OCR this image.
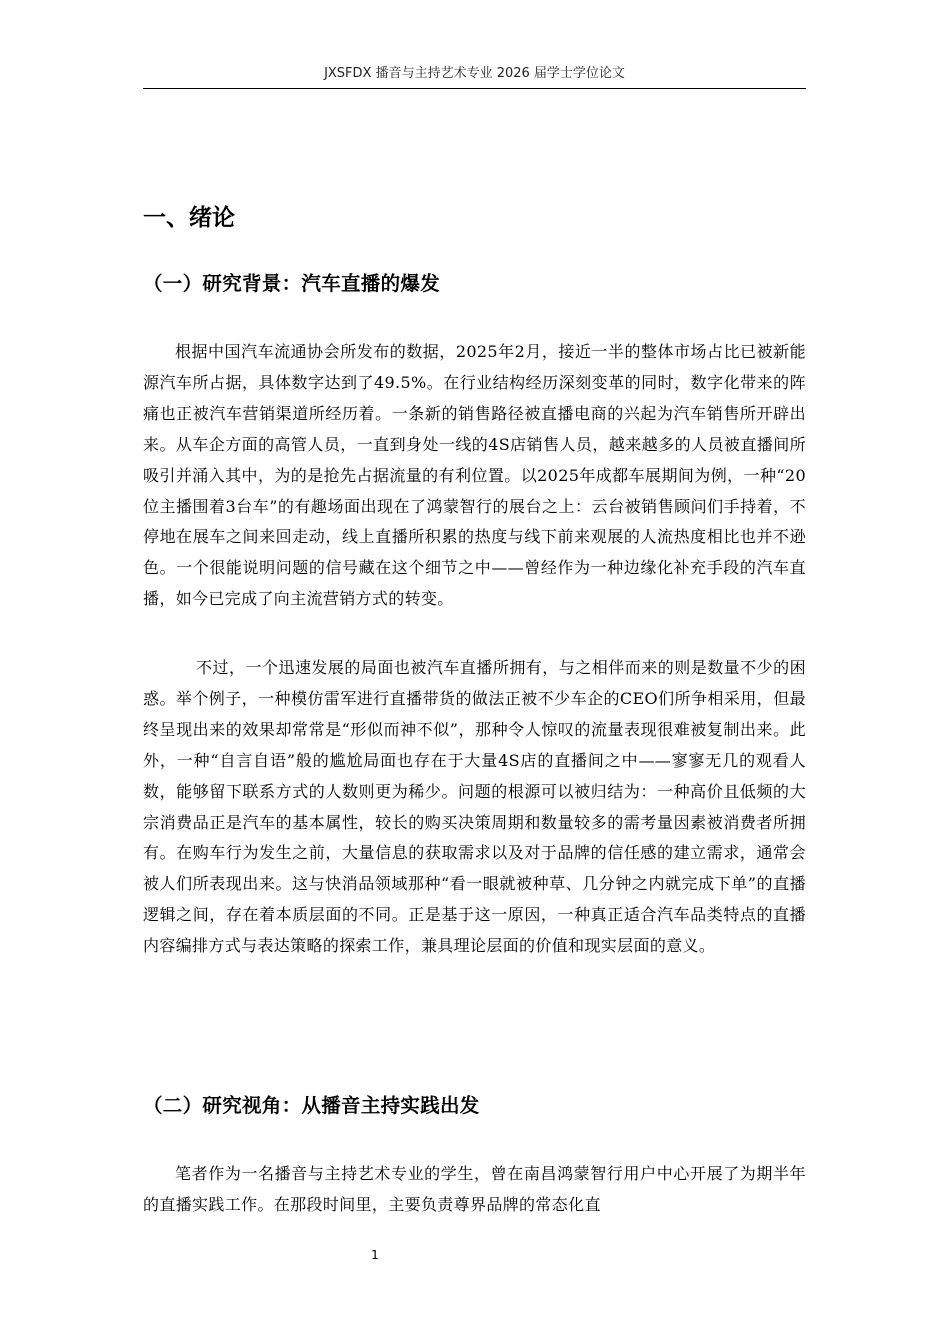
JXSFDX 播音与主持艺术专业 2026 届学士学位论文
一、绪论
（一）研究背景：汽车直播的爆发

根据中国汽车流通协会所发布的数据，2025年2月，接近一半的整体市场占比已被新能源汽车所占据，具体数字达到了49.5%。在行业结构经历深刻变革的同时，数字化带来的阵痛也正被汽车营销渠道所经历着。一条新的销售路径被直播电商的兴起为汽车销售所开辟出来。从车企方面的高管人员，一直到身处一线的4S店销售人员，越来越多的人员被直播间所吸引并涌入其中，为的是抢先占据流量的有利位置。以2025年成都车展期间为例，一种“20位主播围着3台车”的有趣场面出现在了鸿蒙智行的展台之上：云台被销售顾问们手持着，不停地在展车之间来回走动，线上直播所积累的热度与线下前来观展的人流热度相比也并不逊色。一个很能说明问题的信号藏在这个细节之中——曾经作为一种边缘化补充手段的汽车直播，如今已完成了向主流营销方式的转变。

不过，一个迅速发展的局面也被汽车直播所拥有，与之相伴而来的则是数量不少的困惑。举个例子，一种模仿雷军进行直播带货的做法正被不少车企的CEO们所争相采用，但最终呈现出来的效果却常常是“形似而神不似”，那种令人惊叹的流量表现很难被复制出来。此外，一种“自言自语”般的尴尬局面也存在于大量4S店的直播间之中——寥寥无几的观看人数，能够留下联系方式的人数则更为稀少。问题的根源可以被归结为：一种高价且低频的大宗消费品正是汽车的基本属性，较长的购买决策周期和数量较多的需考量因素被消费者所拥有。在购车行为发生之前，大量信息的获取需求以及对于品牌的信任感的建立需求，通常会被人们所表现出来。这与快消品领域那种“看一眼就被种草、几分钟之内就完成下单”的直播逻辑之间，存在着本质层面的不同。正是基于这一原因，一种真正适合汽车品类特点的直播内容编排方式与表达策略的探索工作，兼具理论层面的价值和现实层面的意义。

（二）研究视角：从播音主持实践出发

笔者作为一名播音与主持艺术专业的学生，曾在南昌鸿蒙智行用户中心开展了为期半年的直播实践工作。在那段时间里，主要负责尊界品牌的常态化直

1
